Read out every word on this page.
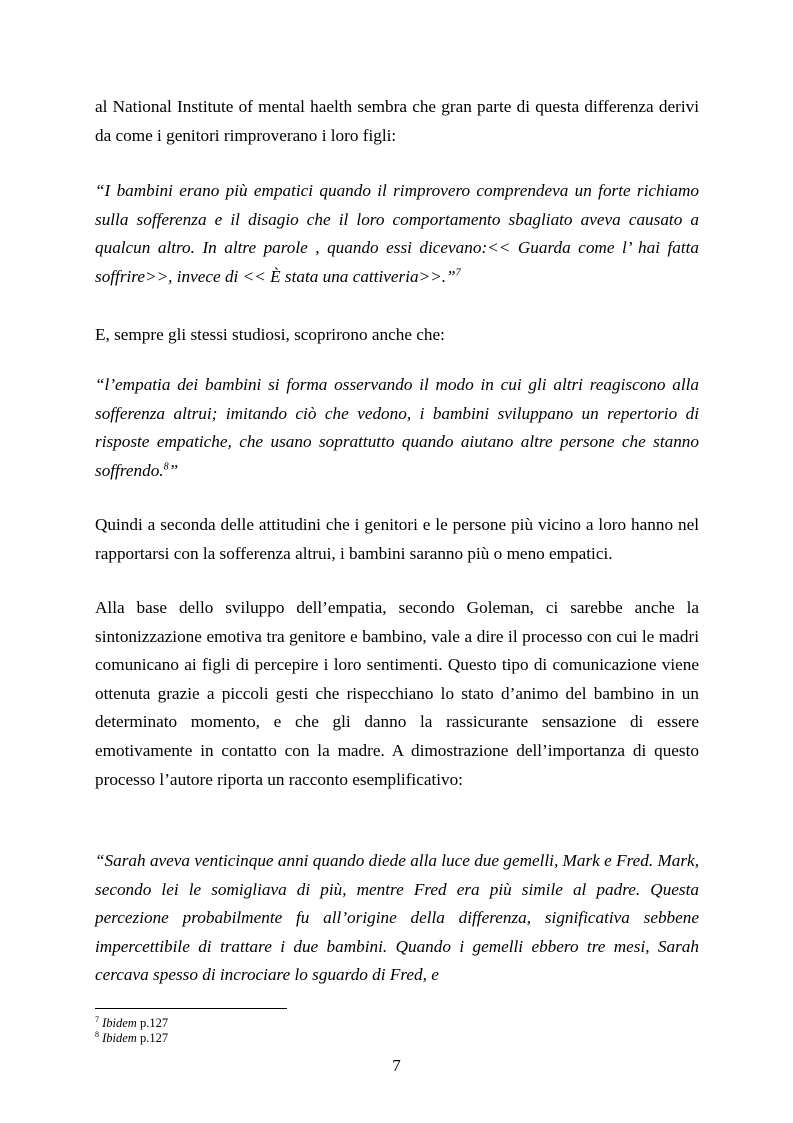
al National Institute of mental haelth sembra che gran parte di questa differenza derivi da come i genitori rimproverano i loro figli:

“I bambini erano più empatici quando il rimprovero comprendeva un forte richiamo sulla sofferenza e il disagio che il loro comportamento sbagliato aveva causato a qualcun altro. In altre parole , quando essi dicevano:<< Guarda come l’ hai fatta soffrire>>, invece di << È stata una cattiveria>>.”$^7$

E, sempre gli stessi studiosi, scoprirono anche che:

“l’empatia dei bambini si forma osservando il modo in cui gli altri reagiscono alla sofferenza altrui; imitando ciò che vedono, i bambini sviluppano un repertorio di risposte empatiche, che usano soprattutto quando aiutano altre persone che stanno soffrendo.$^8$”

Quindi a seconda delle attitudini che i genitori e le persone più vicino a loro hanno nel rapportarsi con la sofferenza altrui, i bambini saranno più o meno empatici.

Alla base dello sviluppo dell’empatia, secondo Goleman, ci sarebbe anche la sintonizzazione emotiva tra genitore e bambino, vale a dire il processo con cui le madri comunicano ai figli di percepire i loro sentimenti. Questo tipo di comunicazione viene ottenuta grazie a piccoli gesti che rispecchiano lo stato d’animo del bambino in un determinato momento, e che gli danno la rassicurante sensazione di essere emotivamente in contatto con la madre. A dimostrazione dell’importanza di questo processo l’autore riporta un racconto esemplificativo:

“Sarah aveva venticinque anni quando diede alla luce due gemelli, Mark e Fred. Mark, secondo lei le somigliava di più, mentre Fred era più simile al padre. Questa percezione probabilmente fu all’origine della differenza, significativa sebbene impercettibile di trattare i due bambini. Quando i gemelli ebbero tre mesi, Sarah cercava spesso di incrociare lo sguardo di Fred, e

$^7$ Ibidem p.127

$^8$ Ibidem p.127

7
